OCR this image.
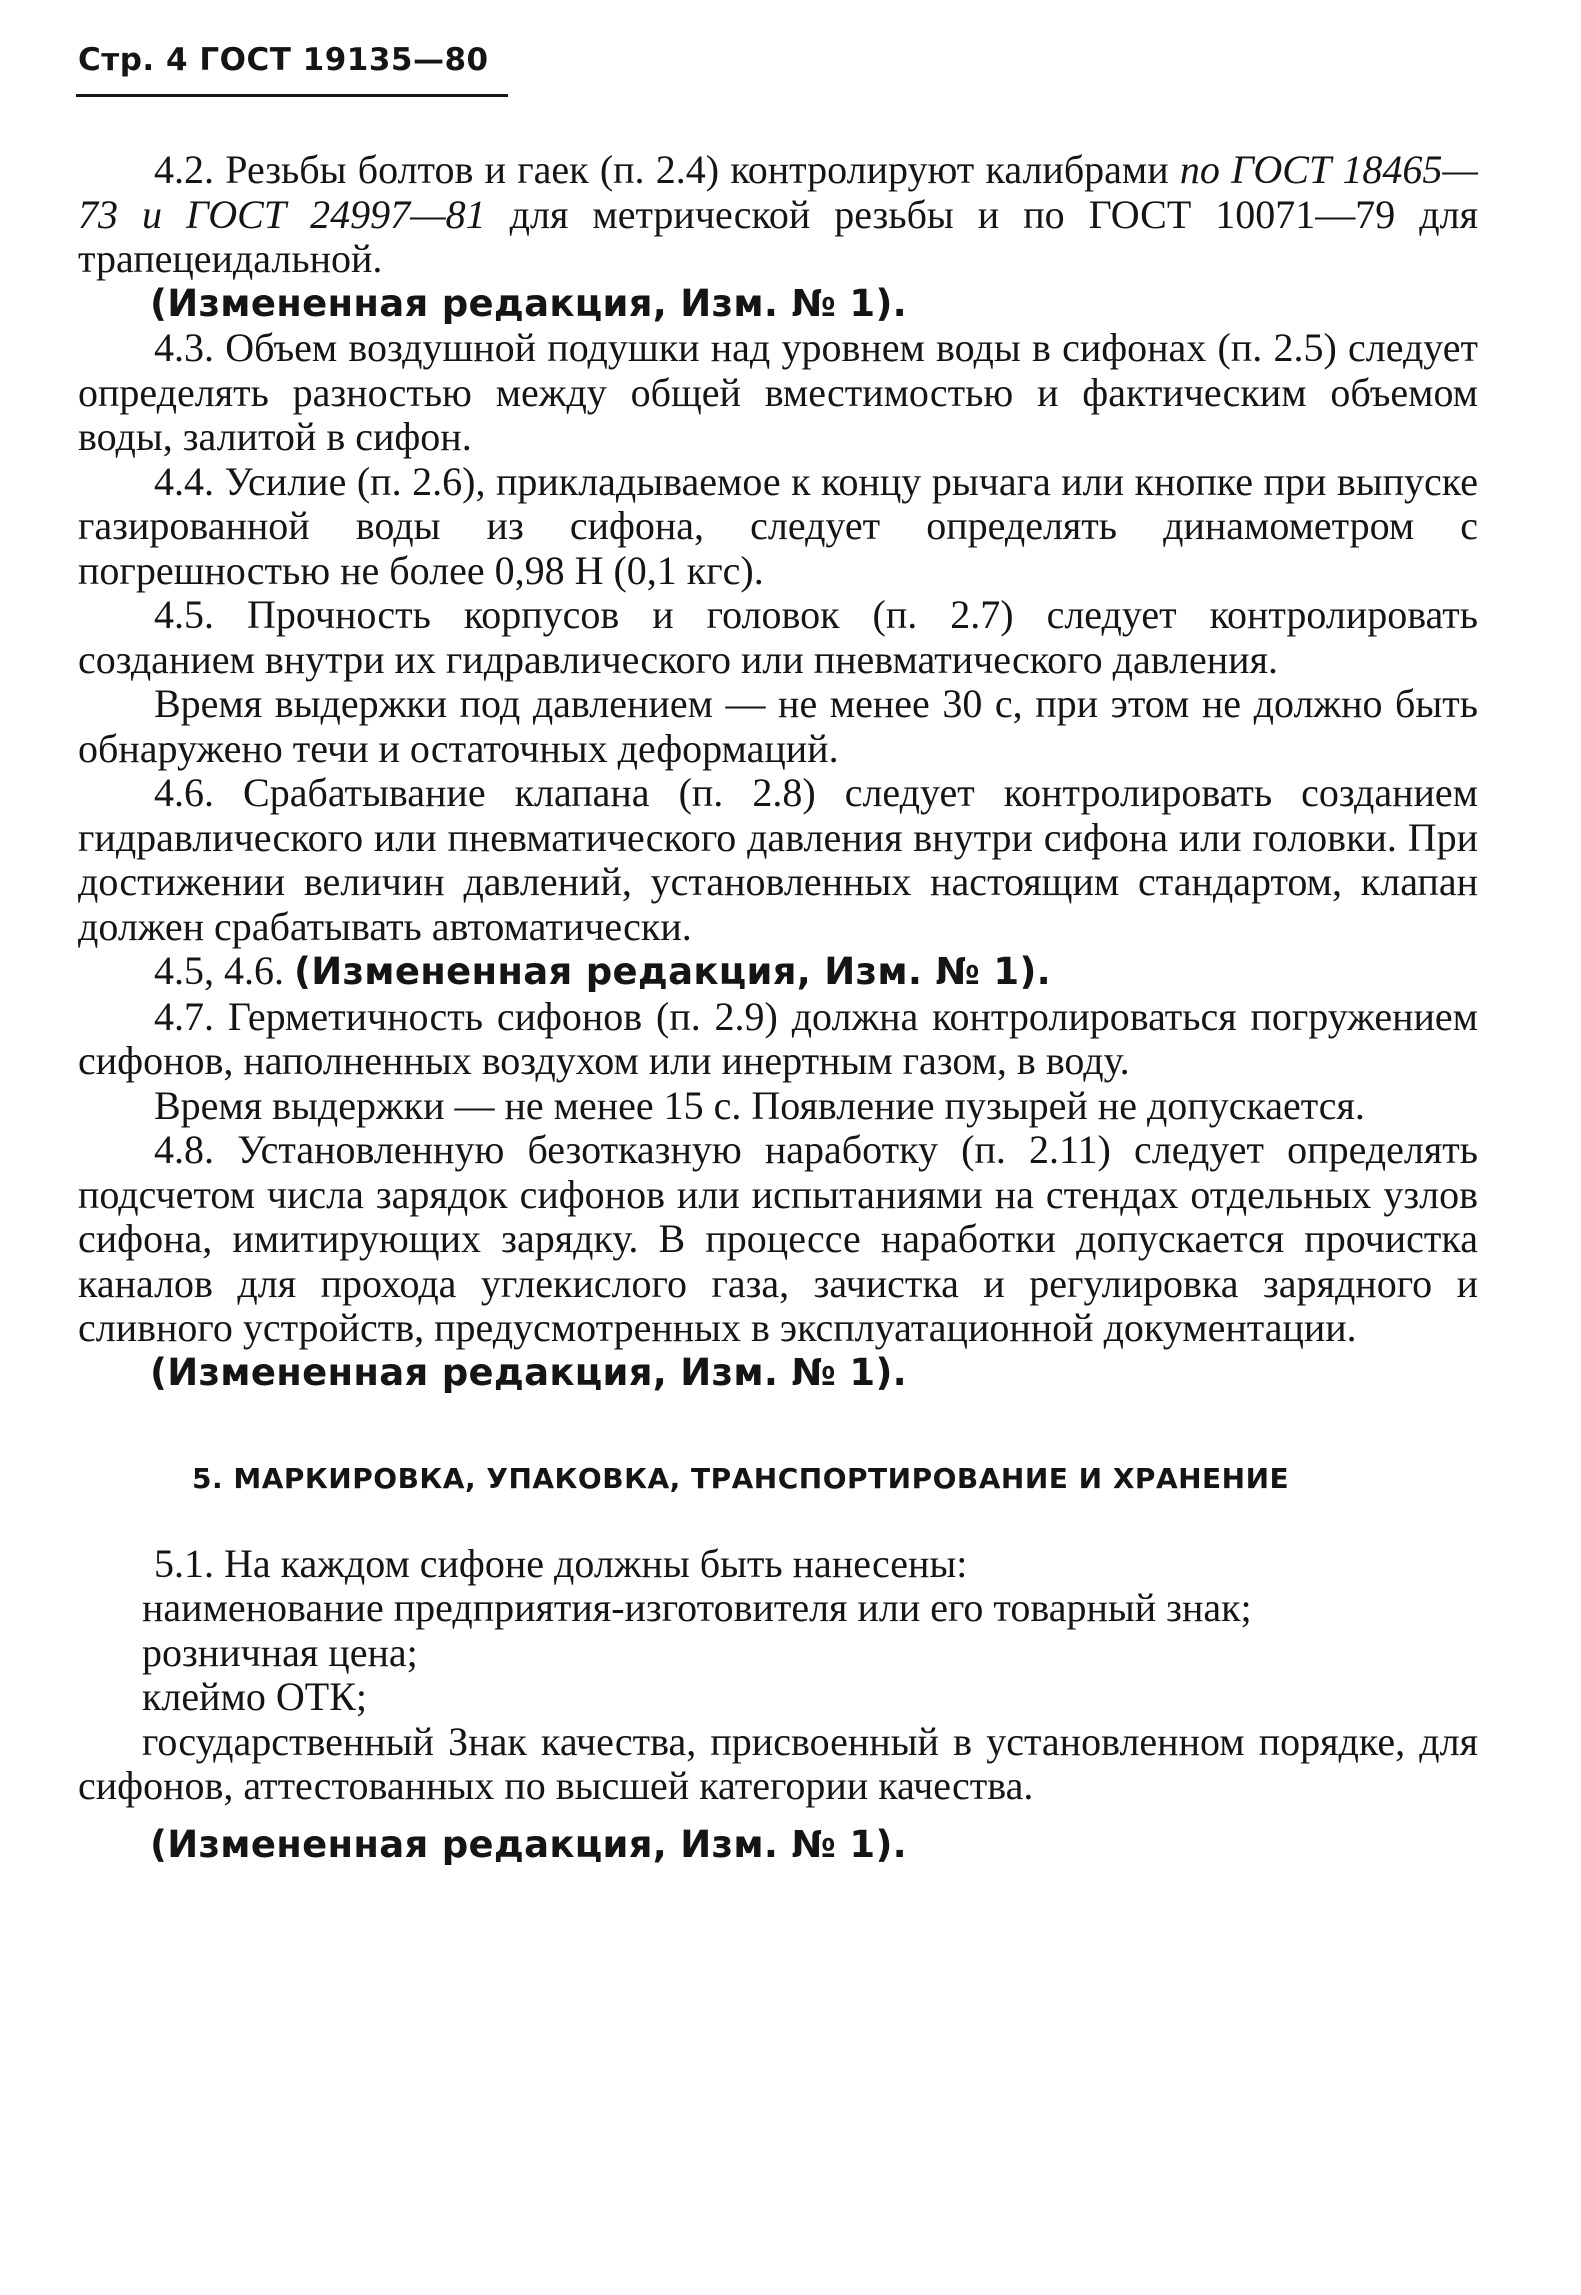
Стр. 4 ГОСТ 19135—80

4.2. Резьбы болтов и гаек (п. 2.4) контролируют калибрами по ГОСТ 18465—73 и ГОСТ 24997—81 для метрической резьбы и по ГОСТ 10071—79 для трапецеидальной.

(Измененная редакция, Изм. № 1).

4.3. Объем воздушной подушки над уровнем воды в сифонах (п. 2.5) следует определять разностью между общей вместимостью и фактическим объемом воды, залитой в сифон.

4.4. Усилие (п. 2.6), прикладываемое к концу рычага или кнопке при выпуске газированной воды из сифона, следует определять динамометром с погрешностью не более 0,98 Н (0,1 кгс).

4.5. Прочность корпусов и головок (п. 2.7) следует контролировать созданием внутри их гидравлического или пневматического давления.

Время выдержки под давлением — не менее 30 с, при этом не должно быть обнаружено течи и остаточных деформаций.

4.6. Срабатывание клапана (п. 2.8) следует контролировать созданием гидравлического или пневматического давления внутри сифона или головки. При достижении величин давлений, установленных настоящим стандартом, клапан должен срабатывать автоматически.

4.5, 4.6. (Измененная редакция, Изм. № 1).

4.7. Герметичность сифонов (п. 2.9) должна контролироваться погружением сифонов, наполненных воздухом или инертным газом, в воду.

Время выдержки — не менее 15 с. Появление пузырей не допускается.

4.8. Установленную безотказную наработку (п. 2.11) следует определять подсчетом числа зарядок сифонов или испытаниями на стендах отдельных узлов сифона, имитирующих зарядку. В процессе наработки допускается прочистка каналов для прохода углекислого газа, зачистка и регулировка зарядного и сливного устройств, предусмотренных в эксплуатационной документации.

(Измененная редакция, Изм. № 1).

5. МАРКИРОВКА, УПАКОВКА, ТРАНСПОРТИРОВАНИЕ И ХРАНЕНИЕ

5.1. На каждом сифоне должны быть нанесены:

наименование предприятия-изготовителя или его товарный знак;

розничная цена;

клеймо ОТК;

государственный Знак качества, присвоенный в установленном порядке, для сифонов, аттестованных по высшей категории качества.

(Измененная редакция, Изм. № 1).
